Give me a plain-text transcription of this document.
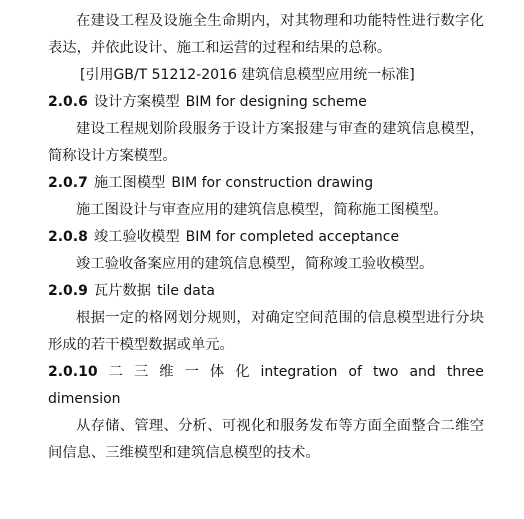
在建设工程及设施全生命期内，对其物理和功能特性进行数字化表达，并依此设计、施工和运营的过程和结果的总称。

[引用GB/T 51212-2016 建筑信息模型应用统一标准]

2.0.6 设计方案模型 BIM for designing scheme

建设工程规划阶段服务于设计方案报建与审查的建筑信息模型，简称设计方案模型。

2.0.7 施工图模型 BIM for construction drawing

施工图设计与审查应用的建筑信息模型，简称施工图模型。

2.0.8 竣工验收模型 BIM for completed acceptance

竣工验收备案应用的建筑信息模型，简称竣工验收模型。

2.0.9 瓦片数据 tile data

根据一定的格网划分规则，对确定空间范围的信息模型进行分块形成的若干模型数据或单元。

2.0.10 二 三 维 一 体 化 integration of two and three

dimension

从存储、管理、分析、可视化和服务发布等方面全面整合二维空间信息、三维模型和建筑信息模型的技术。
